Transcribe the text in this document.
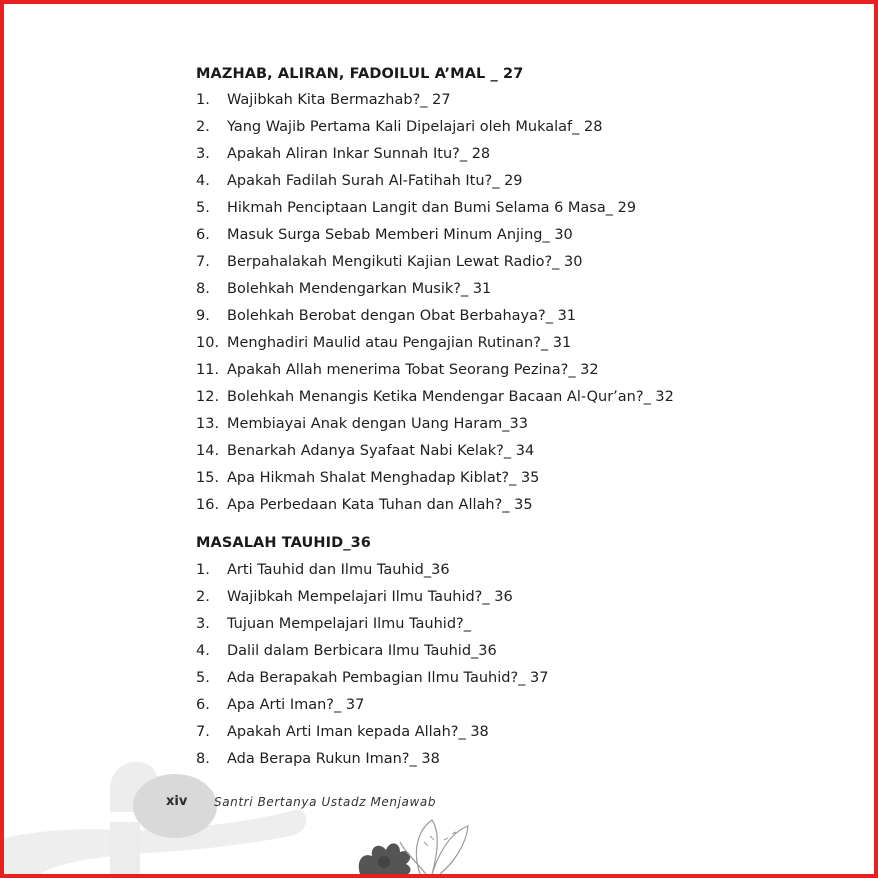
MAZHAB, ALIRAN, FADOILUL A’MAL _ 27
1.	Wajibkah Kita Bermazhab?_ 27
2.	Yang Wajib Pertama Kali Dipelajari oleh Mukalaf_ 28
3.	Apakah Aliran Inkar Sunnah Itu?_ 28
4.	Apakah Fadilah Surah Al-Fatihah Itu?_ 29
5.	Hikmah Penciptaan Langit dan Bumi Selama 6 Masa_ 29
6.	Masuk Surga Sebab Memberi Minum Anjing_ 30
7.	Berpahalakah Mengikuti Kajian Lewat Radio?_ 30
8.	Bolehkah Mendengarkan Musik?_ 31
9.	Bolehkah Berobat dengan Obat Berbahaya?_ 31
10. Menghadiri Maulid atau Pengajian Rutinan?_ 31
11. Apakah Allah menerima Tobat Seorang Pezina?_ 32
12. Bolehkah Menangis Ketika Mendengar Bacaan Al-Qur’an?_ 32
13. Membiayai Anak dengan Uang Haram_33
14. Benarkah Adanya Syafaat Nabi Kelak?_ 34
15. Apa Hikmah Shalat Menghadap Kiblat?_ 35
16. Apa Perbedaan Kata Tuhan dan Allah?_ 35
MASALAH TAUHID_36
1.	Arti Tauhid dan Ilmu Tauhid_36
2.	Wajibkah Mempelajari Ilmu Tauhid?_ 36
3.	Tujuan Mempelajari Ilmu Tauhid?_
4.	Dalil dalam Berbicara Ilmu Tauhid_36
5.	Ada Berapakah Pembagian Ilmu Tauhid?_ 37
6.	Apa Arti Iman?_ 37
7.	Apakah Arti Iman kepada Allah?_ 38
8.	Ada Berapa Rukun Iman?_ 38
xiv Santri Bertanya Ustadz Menjawab
